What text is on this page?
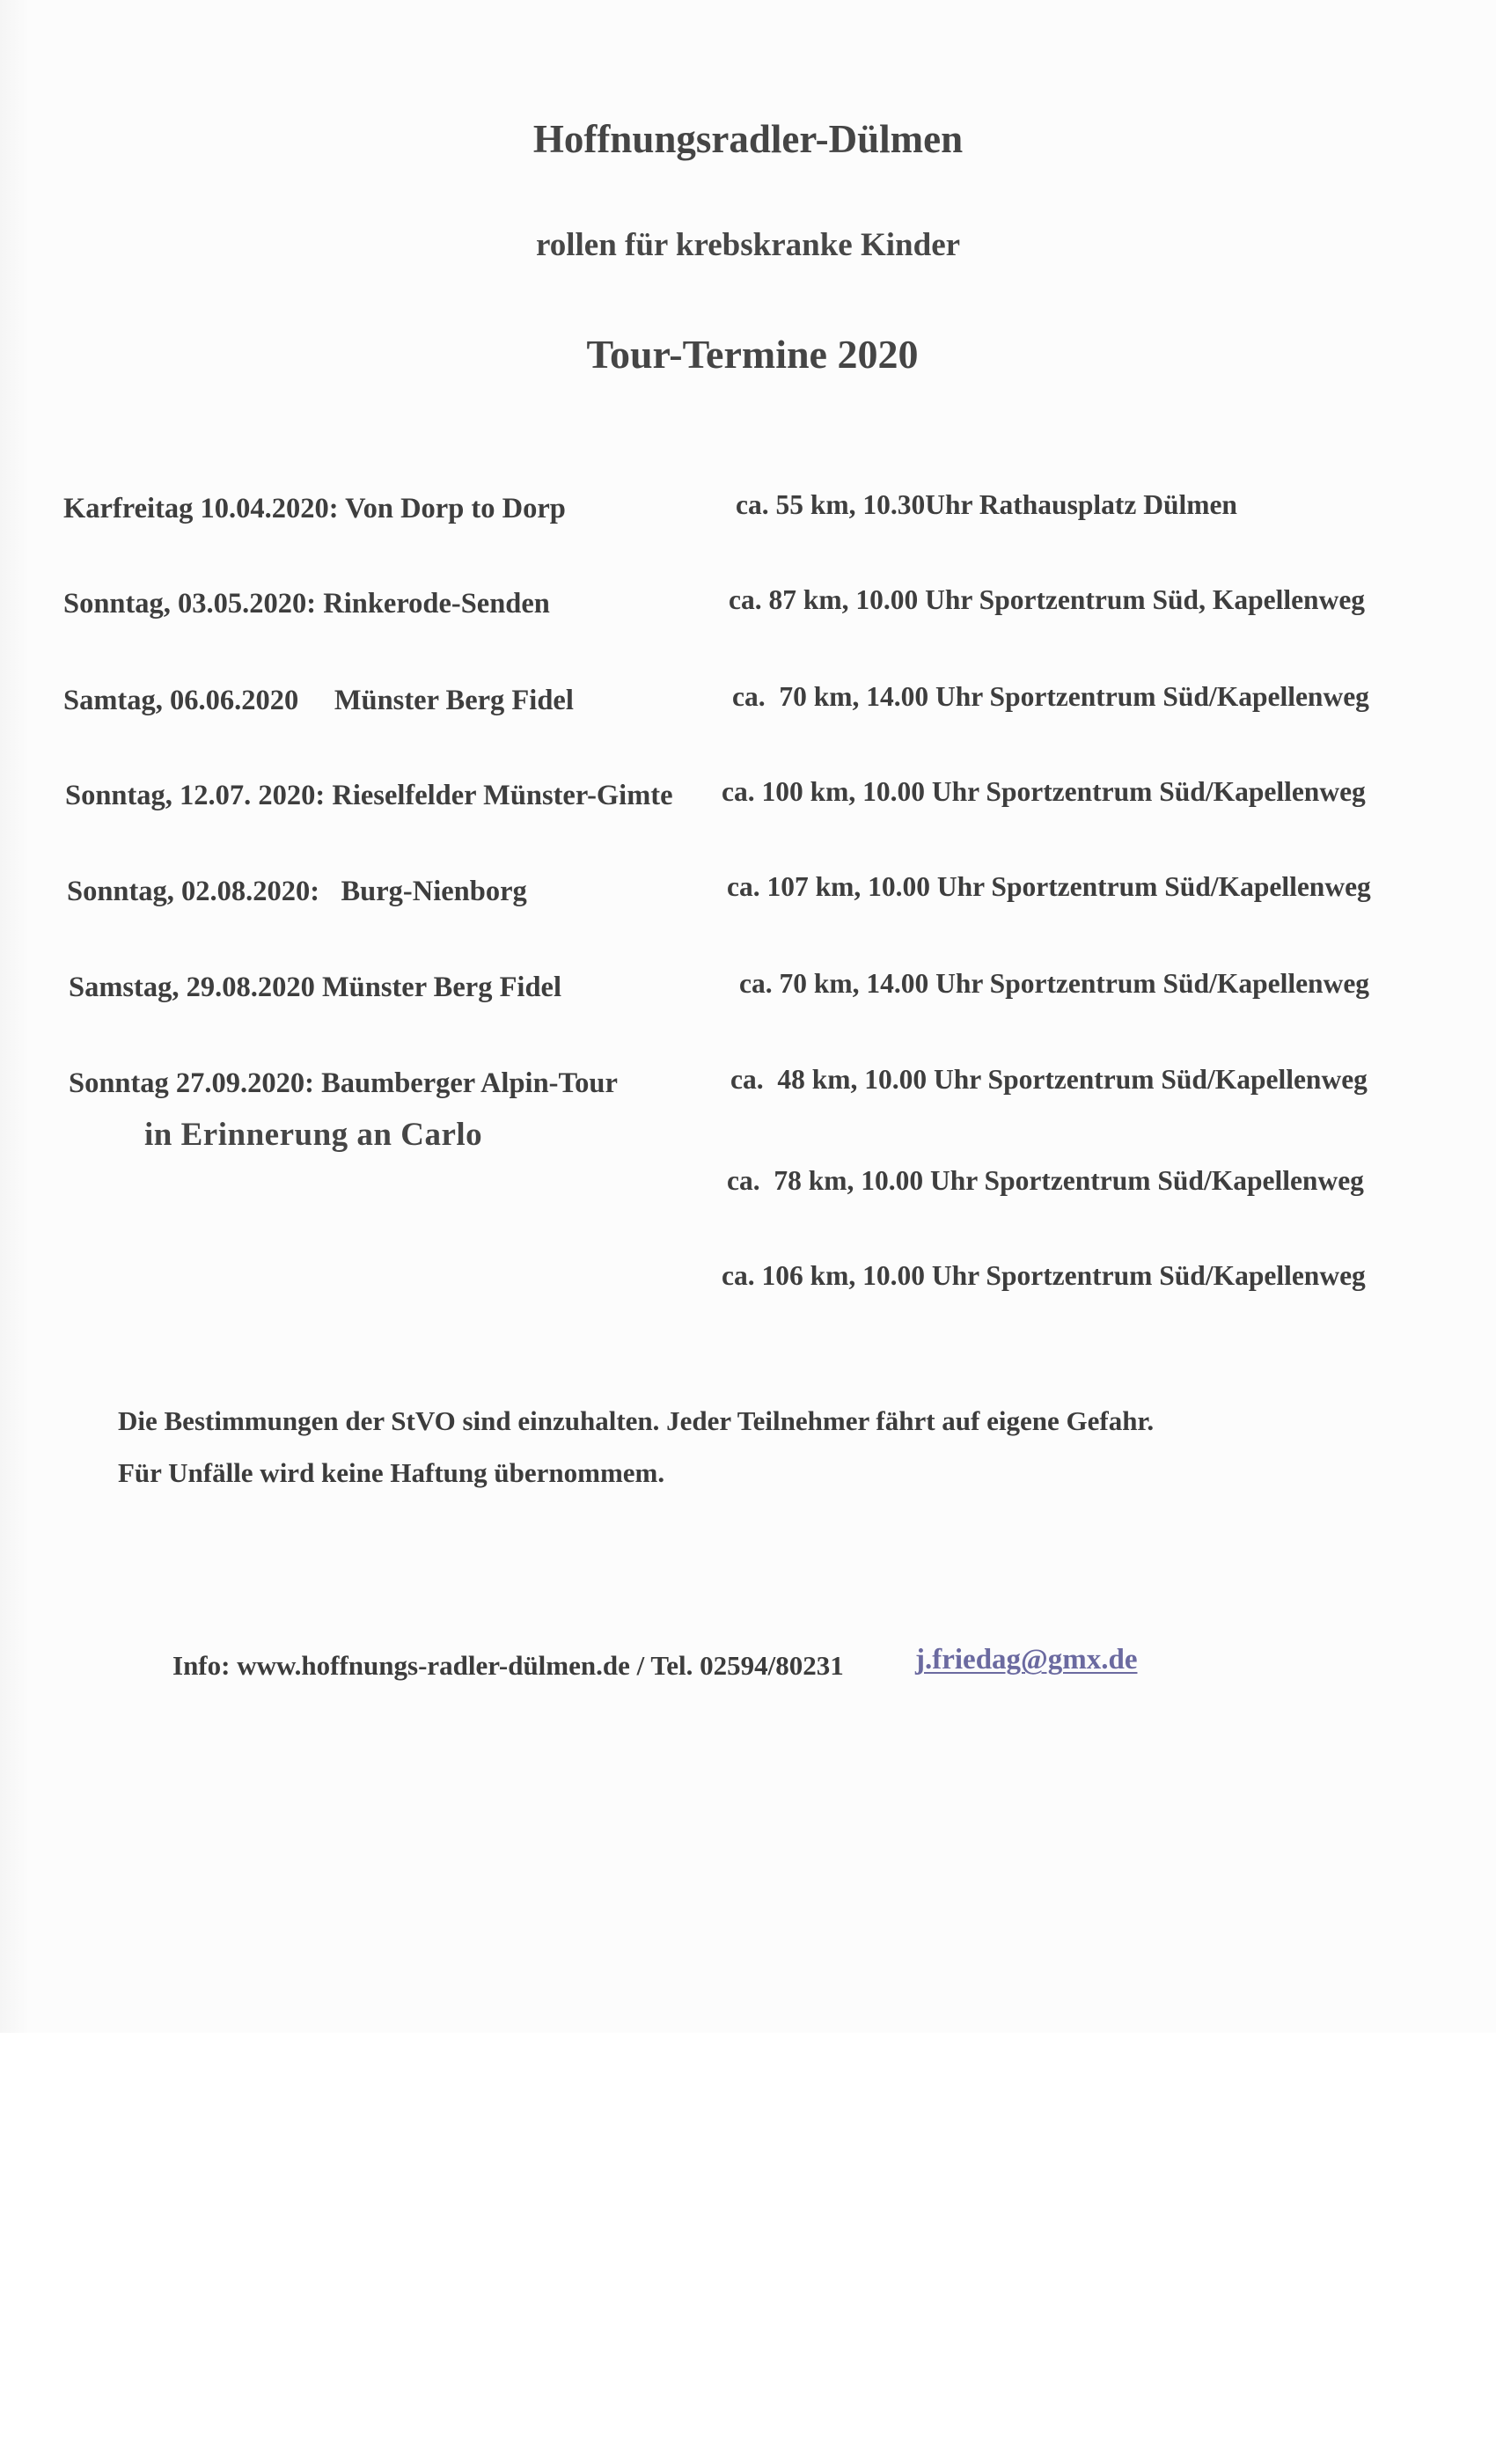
Hoffnungsradler-Dülmen
rollen für krebskranke Kinder
Tour-Termine 2020
Karfreitag 10.04.2020: Von Dorp to Dorp	ca. 55 km, 10.30Uhr Rathausplatz Dülmen
Sonntag, 03.05.2020: Rinkerode-Senden	ca. 87 km, 10.00 Uhr Sportzentrum Süd, Kapellenweg
Samtag, 06.06.2020     Münster Berg Fidel	ca.  70 km, 14.00 Uhr Sportzentrum Süd/Kapellenweg
Sonntag, 12.07. 2020: Rieselfelder Münster-Gimte ca. 100 km, 10.00 Uhr Sportzentrum Süd/Kapellenweg
Sonntag, 02.08.2020:   Burg-Nienborg	ca. 107 km, 10.00 Uhr Sportzentrum Süd/Kapellenweg
Samstag, 29.08.2020 Münster Berg Fidel	ca. 70 km, 14.00 Uhr Sportzentrum Süd/Kapellenweg
Sonntag 27.09.2020: Baumberger Alpin-Tour	ca.  48 km, 10.00 Uhr Sportzentrum Süd/Kapellenweg
in Erinnerung an Carlo
ca.  78 km, 10.00 Uhr Sportzentrum Süd/Kapellenweg
ca. 106 km, 10.00 Uhr Sportzentrum Süd/Kapellenweg
Die Bestimmungen der StVO sind einzuhalten. Jeder Teilnehmer fährt auf eigene Gefahr.
Für Unfälle wird keine Haftung übernommem.
Info: www.hoffnungs-radler-dülmen.de / Tel. 02594/80231 j.friedag@gmx.de
